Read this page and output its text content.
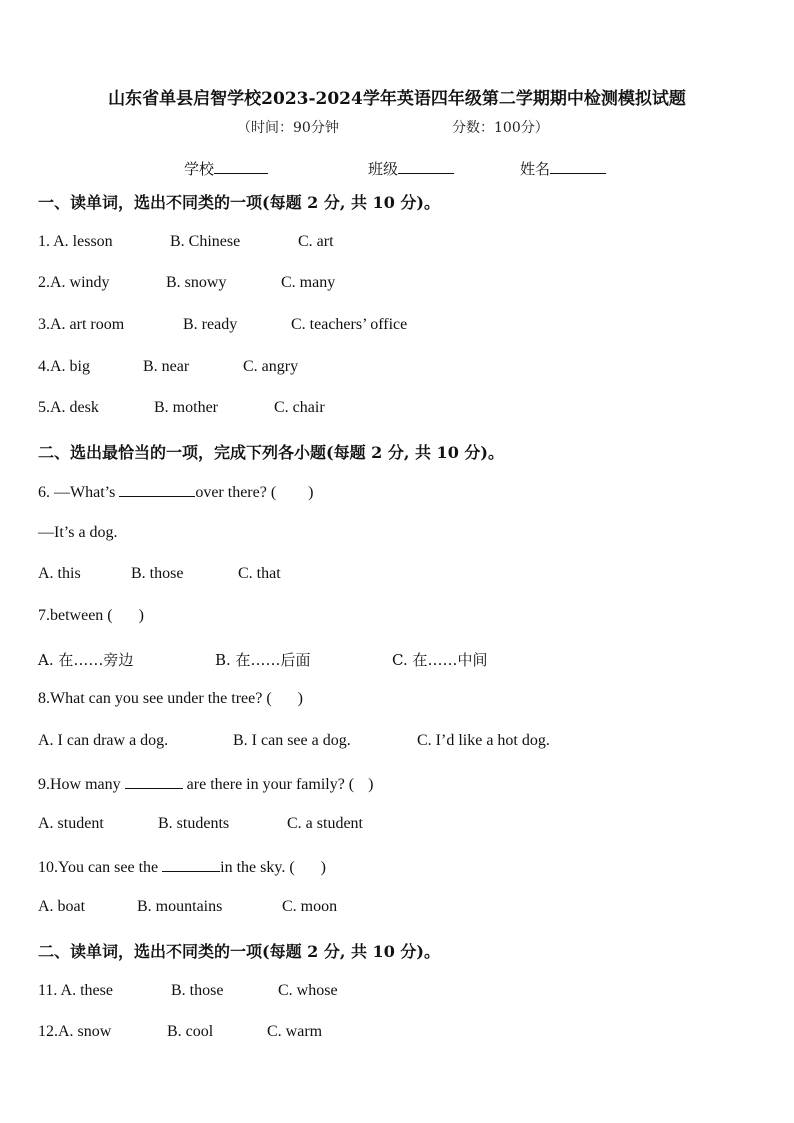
山东省单县启智学校2023-2024学年英语四年级第二学期期中检测模拟试题
（时间：90分钟	分数：100分）
学校	班级	姓名
一、读单词，选出不同类的一项(每题 2 分, 共 10 分)。
1. A. lesson	B. Chinese	C. art
2.A. windy	B. snowy	C. many
3.A. art room	B. ready	C. teachers’ office
4.A. big	B. near	C. angry
5.A. desk	B. mother	C. chair
二、选出最恰当的一项，完成下列各小题(每题 2 分, 共 10 分)。
6. —What’s	over there? ( )
—It’s a dog.
A. this	B. those	C. that
7.between ( )
A. 在……旁边	B. 在……后面	C. 在……中间
8.What can you see under the tree? ( )
A. I can draw a dog.	B. I can see a dog.	C. I’d like a hot dog.
9.How many	are there in your family? ( )
A. student	B. students	C. a student
10.You can see the	in the sky. ( )
A. boat	B. mountains	C. moon
二、读单词，选出不同类的一项(每题 2 分, 共 10 分)。
11. A. these	B. those	C. whose
12.A. snow	B. cool	C. warm
